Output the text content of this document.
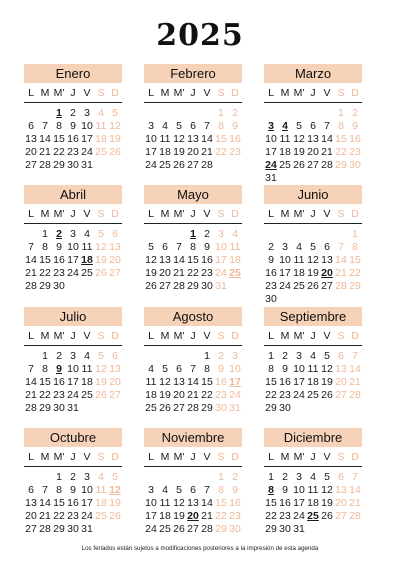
2025
Enero
L M M' J V S D
1 2 3 4 5
6 7 8 9 10 11 12
13 14 15 16 17 18 19
20 21 22 23 24 25 26
27 28 29 30 31
Febrero
L M M' J V S D
1 2
3 4 5 6 7 8 9
10 11 12 13 14 15 16
17 18 19 20 21 22 23
24 25 26 27 28
Marzo
L M M' J V S D
1 2
3 4 5 6 7 8 9
10 11 12 13 14 15 16
17 18 19 20 21 22 23
24 25 26 27 28 29 30
31
Abril
L M M' J V S D
1 2 3 4 5 6
7 8 9 10 11 12 13
14 15 16 17 18 19 20
21 22 23 24 25 26 27
28 29 30
Mayo
L M M' J V S D
1 2 3 4
5 6 7 8 9 10 11
12 13 14 15 16 17 18
19 20 21 22 23 24 25
26 27 28 29 30 31
Junio
L M M' J V S D
1
2 3 4 5 6 7 8
9 10 11 12 13 14 15
16 17 18 19 20 21 22
23 24 25 26 27 28 29
30
Julio
L M M' J V S D
1 2 3 4 5 6
7 8 9 10 11 12 13
14 15 16 17 18 19 20
21 22 23 24 25 26 27
28 29 30 31
Agosto
L M M' J V S D
1 2 3
4 5 6 7 8 9 10
11 12 13 14 15 16 17
18 19 20 21 22 23 24
25 26 27 28 29 30 31
Septiembre
L M M' J V S D
1 2 3 4 5 6 7
8 9 10 11 12 13 14
15 16 17 18 19 20 21
22 23 24 25 26 27 28
29 30
Octubre
L M M' J V S D
1 2 3 4 5
6 7 8 9 10 11 12
13 14 15 16 17 18 19
20 21 22 23 24 25 26
27 28 29 30 31
Noviembre
L M M' J V S D
1 2
3 4 5 6 7 8 9
10 11 12 13 14 15 16
17 18 19 20 21 22 23
24 25 26 27 28 29 30
Diciembre
L M M' J V S D
1 2 3 4 5 6 7
8 9 10 11 12 13 14
15 16 17 18 19 20 21
22 23 24 25 26 27 28
29 30 31
Los feriados están sujetos a modificaciones posteriores a la impresión de esta agenda
